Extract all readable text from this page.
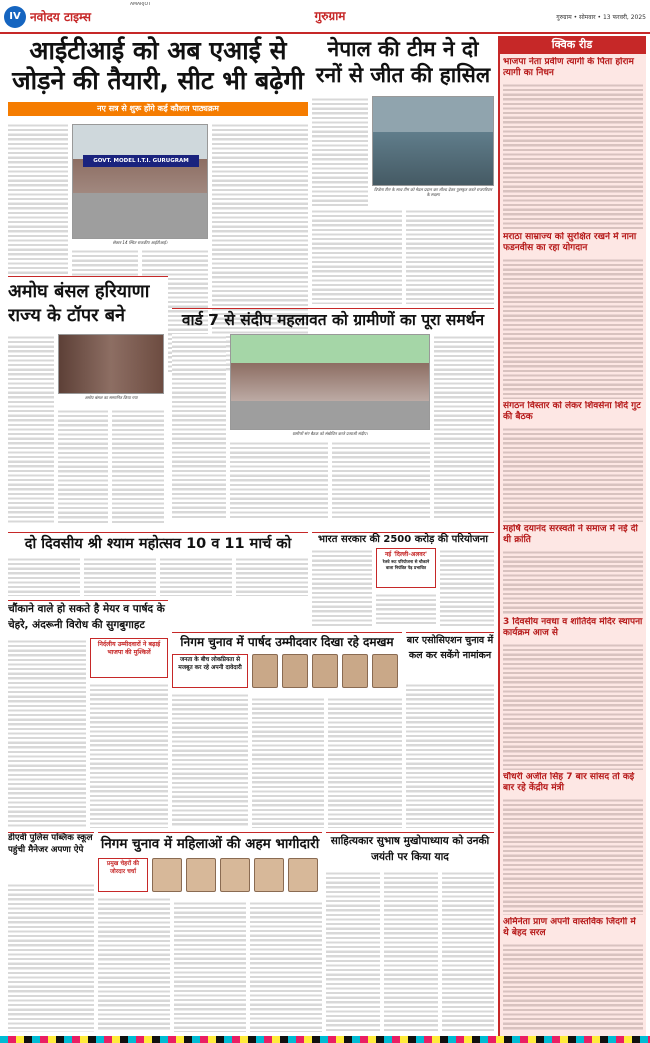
IV नवोदय टाइम्स
AMARJOT
गुरुग्राम	गुरुग्राम • सोमवार • 13 फरवरी, 2025
आईटीआई को अब एआई से जोड़ने की तैयारी, सीट भी बढ़ेगी
नए सत्र से शुरू होंगे कई कौशल पाठ्यक्रम
GOVT. MODEL I.T.I. GURUGRAM
सेक्टर 14 स्थित राजकीय आईटीआई।
नेपाल की टीम ने दो रनों से जीत की हासिल
विजेता टीम के साथ टीम को मेडल प्रदान कर शील्ड देकर पुरस्कृत करते राजपरिवार के सदस्य
क्विक रीड
भाजपा नेता प्रवीण त्यागी के पिता होराम त्यागी का निधन
मराठा साम्राज्य को सुरक्षित रखने में नाना फडनवीस का रहा योगदान
संगठन विस्तार को लेकर शिवसेना शिंदे गुट की बैठक
महर्षि दयानंद सरस्वती ने समाज में नई दी थी क्रांति
3 दिवसीय नवधा व शांतिदेव मंदिर स्थापना कार्यक्रम आज से
चौधरी अजीत सिंह 7 बार सांसद तो कई बार रहे केंद्रीय मंत्री
अमिनेता प्राण अपनी वास्तविक जिंदगी में थे बेहद सरल
अमोघ बंसल हरियाणा राज्य के टॉपर बने
अमोघ बंसल का सम्मानित किया गया
वार्ड 7 से संदीप महलावत को ग्रामीणों का पूरा समर्थन
ग्रामीणों संग बैठक को संबोधित करते प्रत्याशी संदीप।
दो दिवसीय श्री श्याम महोत्सव 10 व 11 मार्च को	भारत सरकार की 2500 करोड़ की परियोजना
नई 'दिल्ली-अलवर'
रेलवे रूट परियोजना से चौकाने वाला नियंत्रित पेड़ प्रभावित
चौंकाने वाले हो सकते है मेयर व पार्षद के चेहरे, अंदरूनी विरोध की सुगबुगाहट
निर्दलीय उम्मीदवारों ने बढ़ाई भाजपा की मुश्किलें
निगम चुनाव में पार्षद उम्मीदवार दिखा रहे दमखम
जनता के बीच लोकप्रियता से मजबूत कर रहे अपनी दावेदारी
बार एसोसिएशन चुनाव में कल कर सकेंगे नामांकन
डीएवी पुलिस पब्लिक स्कूल पहुंची मैनेजर अपणा ऐपे	निगम चुनाव में महिलाओं की अहम भागीदारी
प्रमुख चेहरों की जोरदार चर्चा
साहित्यकार सुभाष मुखोपाध्याय को उनकी जयंती पर किया याद
